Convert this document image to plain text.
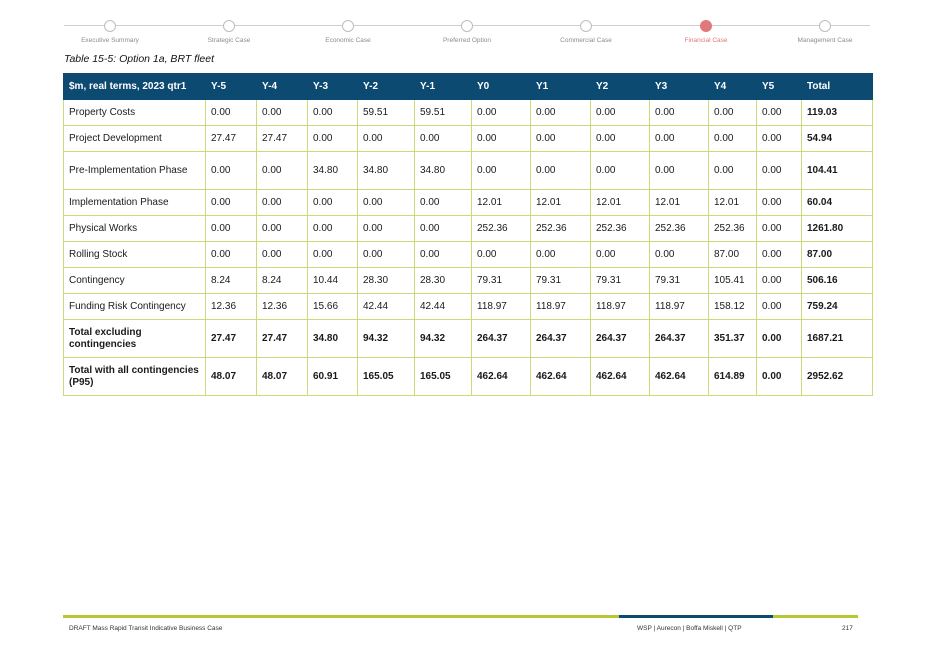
Executive Summary	Strategic Case	Economic Case	Preferred Option	Commercial Case	Financial Case	Management Case
Table 15-5: Option 1a, BRT fleet
$m, real terms, 2023 qtr1	Y-5	Y-4	Y-3	Y-2	Y-1	Y0	Y1	Y2	Y3	Y4	Y5	Total
Property Costs	0.00	0.00	0.00	59.51	59.51	0.00	0.00	0.00	0.00	0.00	0.00	119.03
Project Development	27.47	27.47	0.00	0.00	0.00	0.00	0.00	0.00	0.00	0.00	0.00	54.94
Pre-Implementation Phase	0.00	0.00	34.80	34.80	34.80	0.00	0.00	0.00	0.00	0.00	0.00	104.41
Implementation Phase	0.00	0.00	0.00	0.00	0.00	12.01	12.01	12.01	12.01	12.01	0.00	60.04
Physical Works	0.00	0.00	0.00	0.00	0.00	252.36	252.36	252.36	252.36	252.36	0.00	1261.80
Rolling Stock	0.00	0.00	0.00	0.00	0.00	0.00	0.00	0.00	0.00	87.00	0.00	87.00
Contingency	8.24	8.24	10.44	28.30	28.30	79.31	79.31	79.31	79.31	105.41	0.00	506.16
Funding Risk Contingency	12.36	12.36	15.66	42.44	42.44	118.97	118.97	118.97	118.97	158.12	0.00	759.24
Total excluding contingencies	27.47	27.47	34.80	94.32	94.32	264.37	264.37	264.37	264.37	351.37	0.00	1687.21
Total with all contingencies (P95)	48.07	48.07	60.91	165.05	165.05	462.64	462.64	462.64	462.64	614.89	0.00	2952.62
DRAFT Mass Rapid Transit Indicative Business Case	WSP | Aurecon | Boffa Miskell | QTP	217
